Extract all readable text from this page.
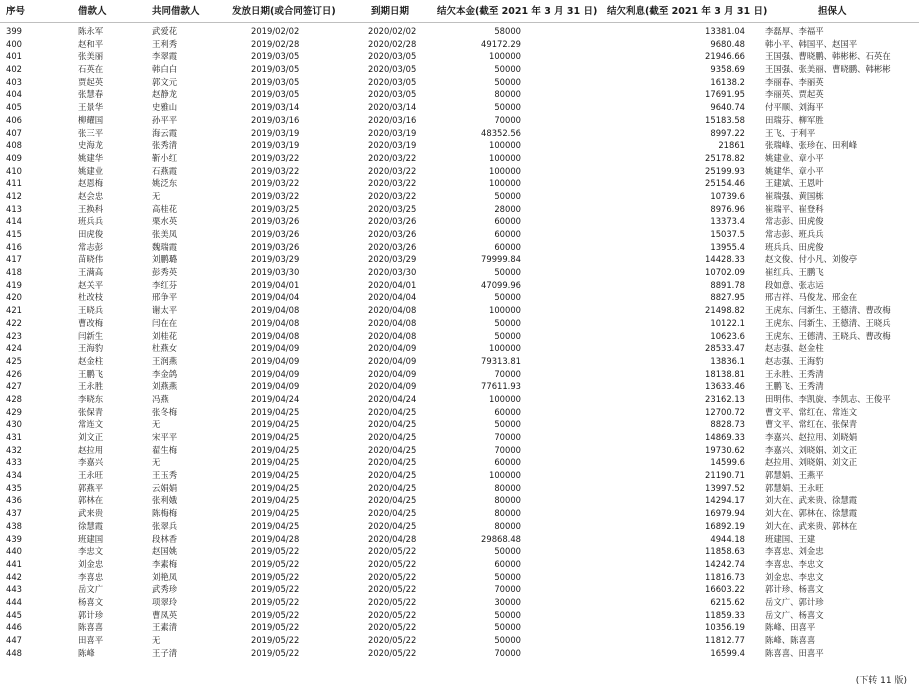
序号	借款人	共同借款人	发放日期(或合同签订日)	到期日期	结欠本金(截至 2021 年 3 月 31 日) 结欠利息(截至 2021 年 3 月 31 日)	担保人
399	陈永军	武爱花	2019/02/02	2020/02/02	58000	13381.04 李磊厚、李福平
400	赵和平	王利秀	2019/02/28	2020/02/28	49172.29	9680.48 韩小平、韩国平、赵国平
401	张美丽	李翠霞	2019/03/05	2020/03/05	100000	21946.66 王国强、曹晓鹏、韩彬彬、石英在
402	石英在	韩白白	2019/03/05	2020/03/05	50000	9358.69 王国强、张美丽、曹晓鹏、韩彬彬
403	贾起英	郭文元	2019/03/05	2020/03/05	50000	16138.2 李丽春、李丽英
404	张慧春	赵静龙	2019/03/05	2020/03/05	80000	17691.95 李丽英、贾起英
405	王景华	史雅山	2019/03/14	2020/03/14	50000	9640.74 付平顺、刘海平
406	柳耀国	孙平平	2019/03/16	2020/03/16	70000	15183.58 田瑞芬、柳军胜
407	张三平	海云霞	2019/03/19	2020/03/19	48352.56	8997.22 王飞、于利平
408	史海龙	张秀清	2019/03/19	2020/03/19	100000	21861 张瑞峰、张珍在、田利峰
409	姚建华	靳小红	2019/03/22	2020/03/22	100000	25178.82 姚建业、章小平
410	姚建业	石燕霞	2019/03/22	2020/03/22	100000	25199.93 姚建华、章小平
411	赵恩梅	姚泛东	2019/03/22	2020/03/22	100000	25154.46 王建斌、王恩叶
412	赵会忠	无	2019/03/22	2020/03/22	50000	10739.6 崔瑞强、黄国栋
413	王换科	高桂花	2019/03/25	2020/03/25	28000	8976.96 崔瑞平、崔登科
414	班兵兵	栗水英	2019/03/26	2020/03/26	60000	13373.4 常志彭、田虎俊
415	田虎俊	张美凤	2019/03/26	2020/03/26	60000	15037.5 常志彭、班兵兵
416	常志彭	魏瑞霞	2019/03/26	2020/03/26	60000	13955.4 班兵兵、田虎俊
417	苗晓伟	刘鹏璐	2019/03/29	2020/03/29	79999.84	14428.33 赵文俊、付小凡、刘俊亭
418	王满高	彭秀英	2019/03/30	2020/03/30	50000	10702.09 崔红兵、王鹏飞
419	赵关平	李红芬	2019/04/01	2020/04/01	47099.96	8891.78 段如意、张志运
420	杜改枝	邢争平	2019/04/04	2020/04/04	50000	8827.95 邢吉祥、马俊龙、邢金在
421	王晓兵	谢太平	2019/04/08	2020/04/08	100000	21498.82 王虎东、闫新生、王德清、曹改梅
422	曹改梅	闫在在	2019/04/08	2020/04/08	50000	10122.1 王虎东、闫新生、王德清、王晓兵
423	闫新生	刘桂花	2019/04/08	2020/04/08	50000	10623.6 王虎东、王德清、王晓兵、曹改梅
424	王海豹	杜燕女	2019/04/09	2020/04/09	100000	28533.47 赵志强、赵金柱
425	赵金柱	王润燕	2019/04/09	2020/04/09	79313.81	13836.1 赵志强、王海豹
426	王鹏飞	李金鸽	2019/04/09	2020/04/09	70000	18138.81 王永胜、王秀清
427	王永胜	刘燕燕	2019/04/09	2020/04/09	77611.93	13633.46 王鹏飞、王秀清
428	李晓东	冯燕	2019/04/24	2020/04/24	100000	23162.13 田明伟、李凯旋、李凯志、王俊平
429	张保青	张冬梅	2019/04/25	2020/04/25	60000	12700.72 曹文平、常红在、常连文
430	常连文	无	2019/04/25	2020/04/25	50000	8828.73 曹文平、常红在、张保青
431	刘文正	宋平平	2019/04/25	2020/04/25	70000	14869.33 李嘉兴、赵拉用、刘晓娟
432	赵拉用	翟生梅	2019/04/25	2020/04/25	70000	19730.62 李嘉兴、刘晓娟、刘文正
433	李嘉兴	无	2019/04/25	2020/04/25	60000	14599.6 赵拉用、刘晓娟、刘文正
434	王永旺	王玉秀	2019/04/25	2020/04/25	100000	21190.71 郭慧娟、王燕平
435	郭燕平	云娟娟	2019/04/25	2020/04/25	80000	13997.52 郭慧娟、王永旺
436	郭林在	张利娥	2019/04/25	2020/04/25	80000	14294.17 刘大在、武来贵、徐慧霞
437	武来贵	陈梅梅	2019/04/25	2020/04/25	80000	16979.94 刘大在、郭林在、徐慧霞
438	徐慧霞	张翠兵	2019/04/25	2020/04/25	80000	16892.19 刘大在、武来贵、郭林在
439	班建国	段林香	2019/04/28	2020/04/28	29868.48	4944.18 班建国、王建
440	李忠文	赵国姚	2019/05/22	2020/05/22	50000	11858.63 李喜忠、刘金忠
441	刘金忠	李素梅	2019/05/22	2020/05/22	60000	14242.74 李喜忠、李忠文
442	李喜忠	刘艳凤	2019/05/22	2020/05/22	50000	11816.73 刘金忠、李忠文
443	岳文广	武秀珍	2019/05/22	2020/05/22	70000	16603.22 郭计珍、杨喜文
444	杨喜文	项翠玲	2019/05/22	2020/05/22	30000	6215.62 岳文广、郭计珍
445	郭计珍	曹凤英	2019/05/22	2020/05/22	50000	11859.33 岳文广、杨喜文
446	陈喜喜	王素清	2019/05/22	2020/05/22	50000	10356.19 陈峰、田喜平
447	田喜平	无	2019/05/22	2020/05/22	50000	11812.77 陈峰、陈喜喜
448	陈峰	王子清	2019/05/22	2020/05/22	70000	16599.4 陈喜喜、田喜平
(下转 11 版)
